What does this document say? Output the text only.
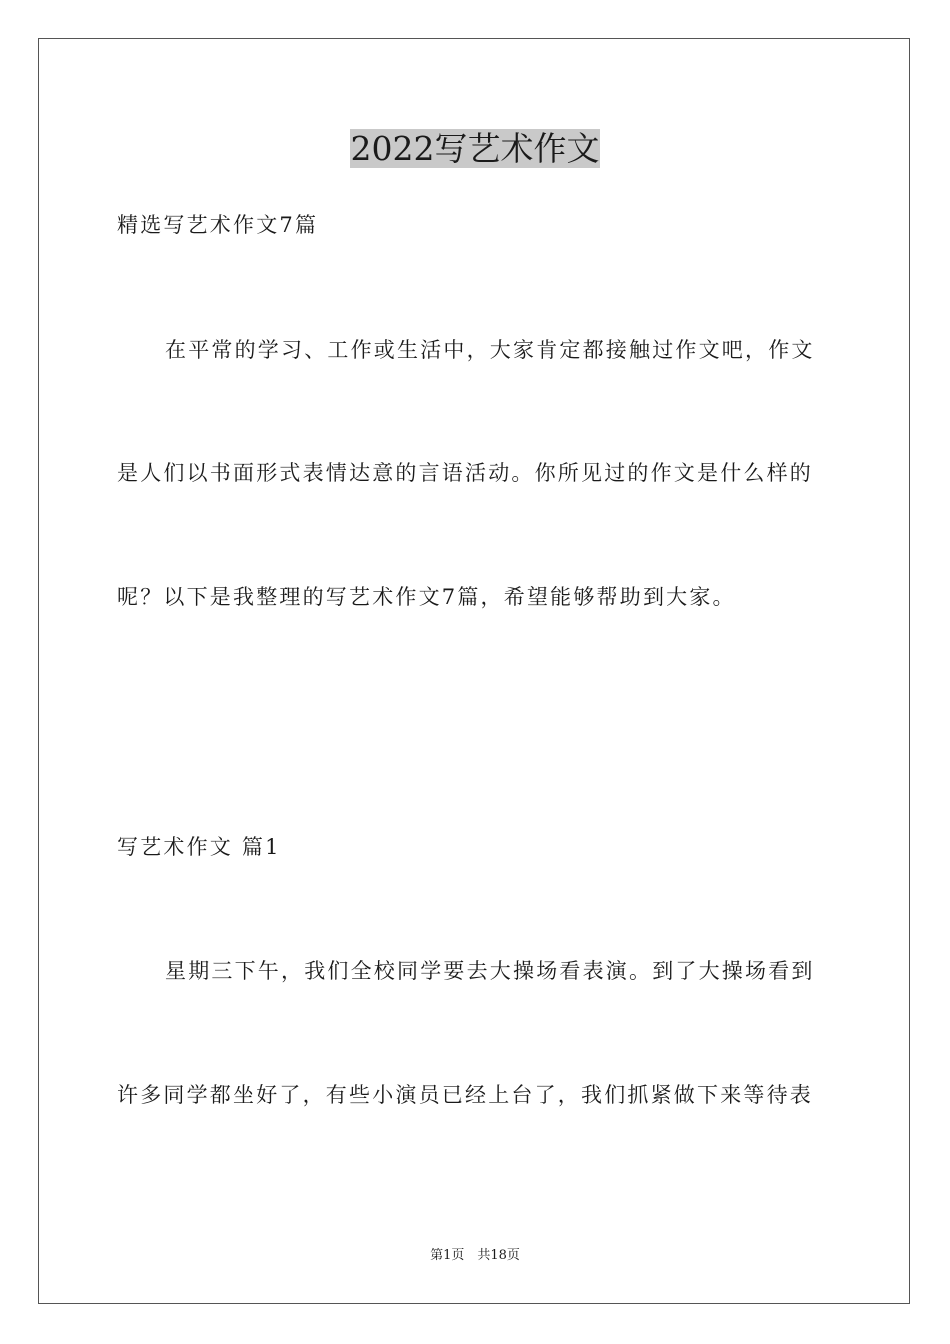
2022写艺术作文
精选写艺术作文7篇
在平常的学习、工作或生活中，大家肯定都接触过作文吧，作文
是人们以书面形式表情达意的言语活动。你所见过的作文是什么样的
呢？以下是我整理的写艺术作文7篇，希望能够帮助到大家。
写艺术作文 篇1
星期三下午，我们全校同学要去大操场看表演。到了大操场看到
许多同学都坐好了，有些小演员已经上台了，我们抓紧做下来等待表
第1页　共18页
